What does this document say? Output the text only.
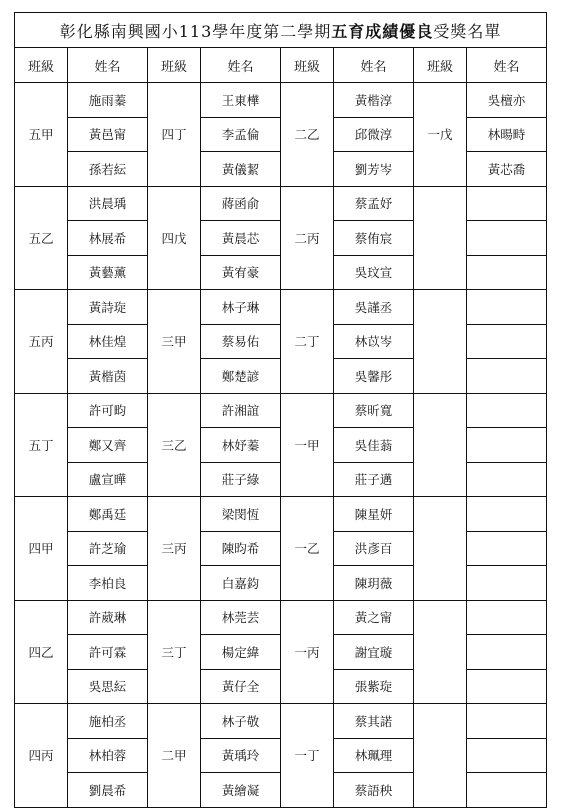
彰化縣南興國小113學年度第二學期五育成績優良受獎名單							
班級	姓名	班級	姓名	班級	姓名	班級	姓名
五甲	施雨蓁	四丁	王東樺	二乙	黃楷淳	一戊	吳檀亦
	黃邑甯		李孟倫		邱微淳		林暘畤
	孫若紜		黃儀絜		劉芳岑		黃芯喬
五乙	洪晨瑀	四戊	蔣函俞	二丙	蔡孟妤		
	林展希		黃晨芯		蔡侑宸		
	黃藝薰		黃宥豪		吳玟宣		
五丙	黃詩琁	三甲	林子琳	二丁	吳謹丞		
	林佳煌		蔡易佑		林苡岑		
	黃楷茵		鄭楚諺		吳馨彤		
五丁	許可畇	三乙	許湘誼	一甲	蔡昕寬		
	鄭又齊		林妤蓁		吳佳蓊		
	盧宣曄		莊子綠		莊子邁		
四甲	鄭禹廷	三丙	梁閔恆	一乙	陳星妍		
	許芝瑜		陳昀希		洪彥百		
	李柏良		白嘉鈞		陳玥薇		
四乙	許葳琳	三丁	林莞芸	一丙	黃之甯		
	許可霖		楊定緯		謝宜璇		
	吳思紜		黃仔全		張紫琁		
四丙	施柏丞	二甲	林子敬	一丁	蔡其諾		
	林柏蓉		黃瑀玲		林珮理		
	劉晨希		黃繪凝		蔡語秧		
